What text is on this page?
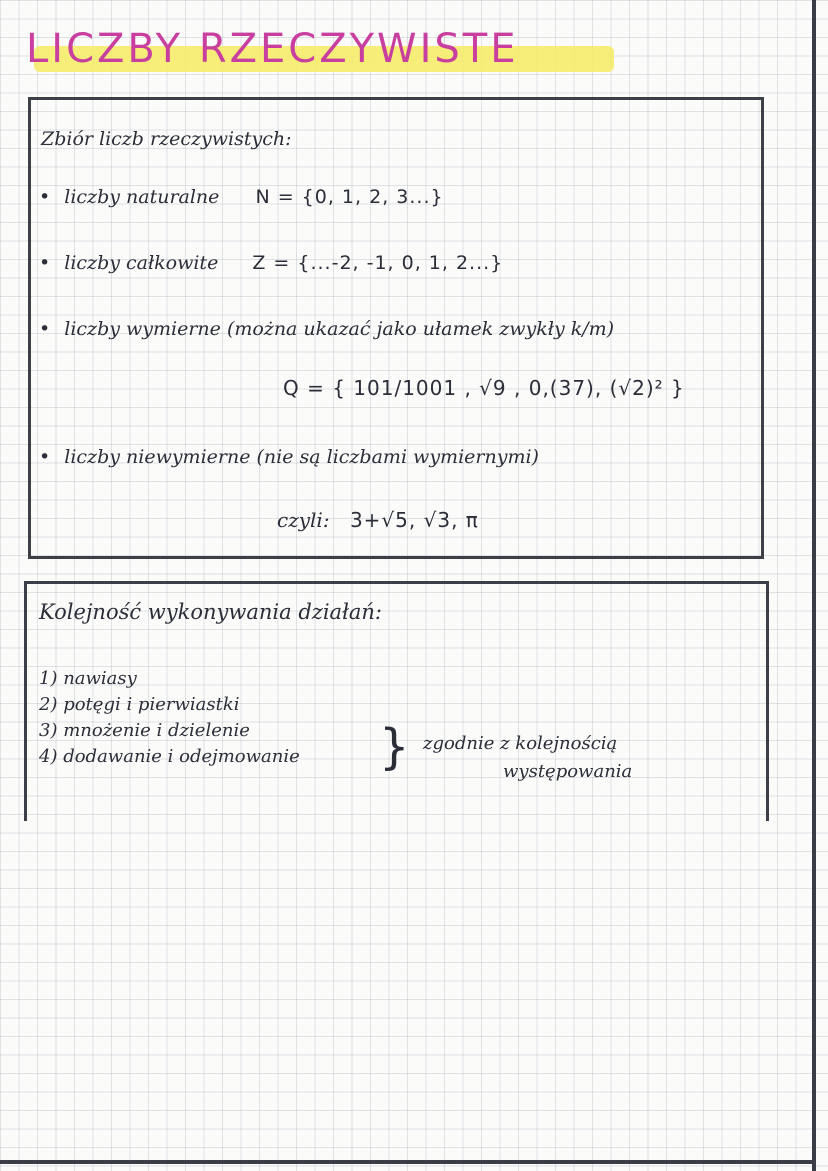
LICZBY RZECZYWISTE
Zbiór liczb rzeczywistych:
• liczby naturalne N = {0, 1, 2, 3...}
• liczby całkowite Z = {...-2, -1, 0, 1, 2...}
• liczby wymierne (można ukazać jako ułamek zwykły k/m)
Q = { 101/1001 , √9 , 0,(37), (√2)² }
• liczby niewymierne (nie są liczbami wymiernymi)
czyli: 3+√5, √3, π
Kolejność wykonywania działań:
1) nawiasy
2) potęgi i pierwiastki
3) mnożenie i dzielenie
4) dodawanie i odejmowanie } zgodnie z kolejnością
występowania
